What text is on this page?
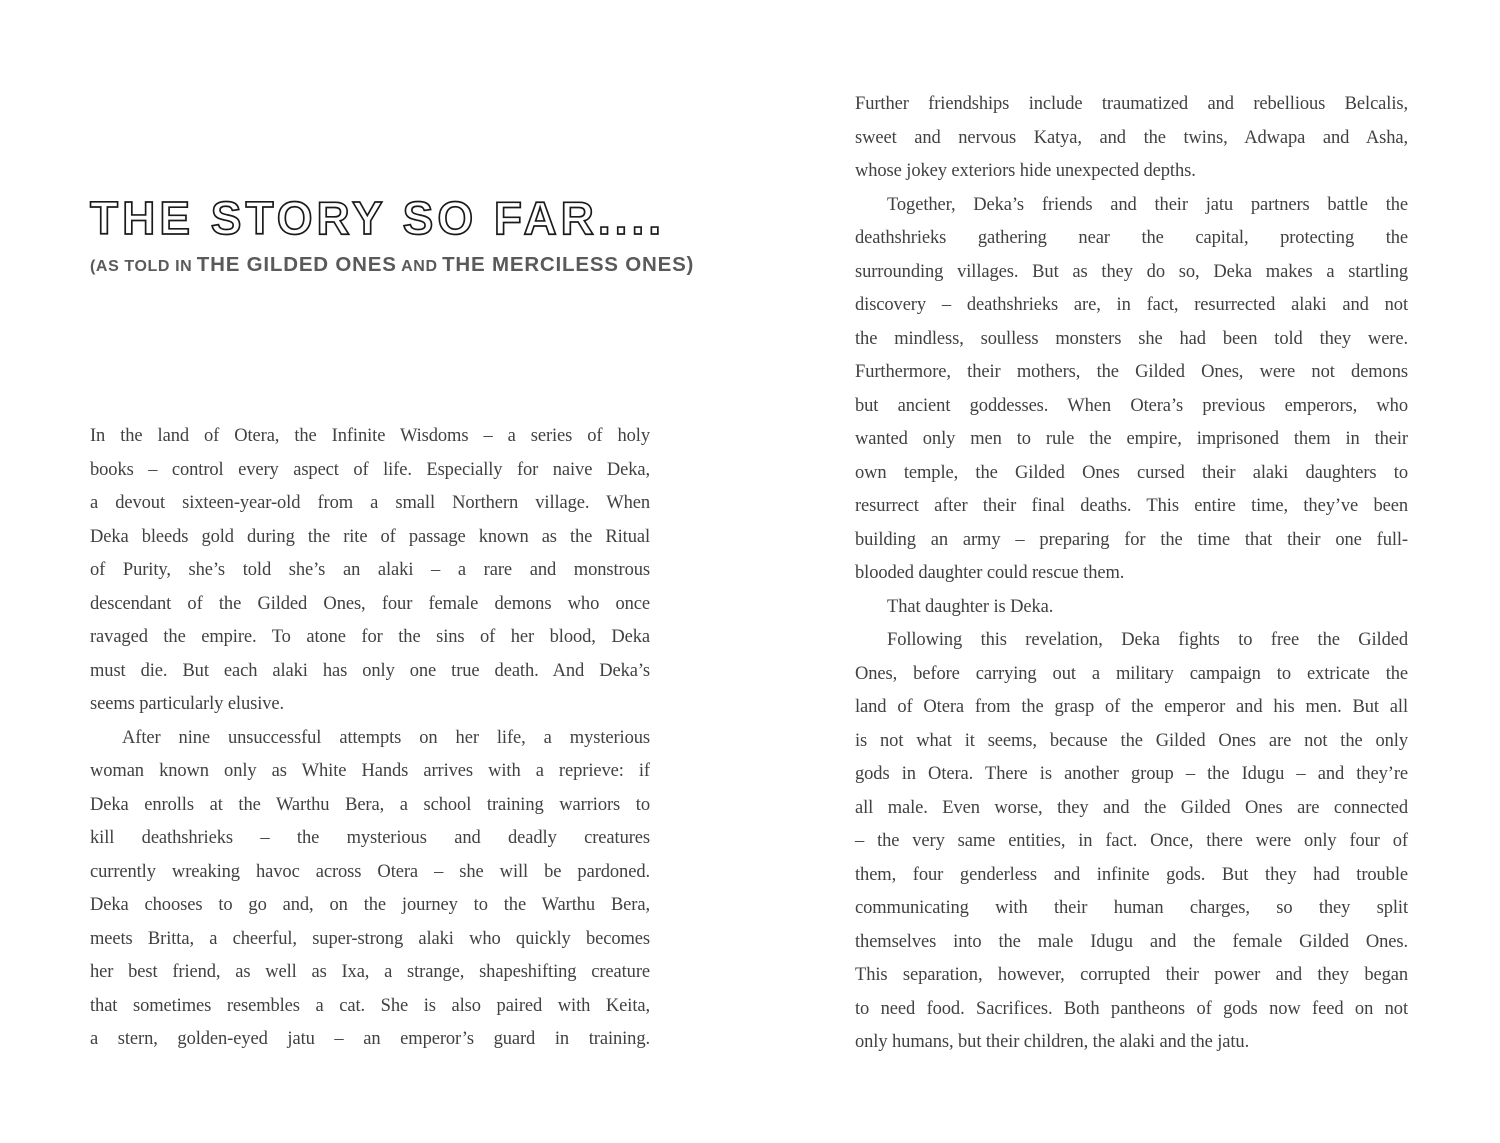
THE STORY SO FAR....

(AS TOLD IN THE GILDED ONES AND THE MERCILESS ONES)

In the land of Otera, the Infinite Wisdoms – a series of holy
books – control every aspect of life. Especially for naive Deka,
a devout sixteen-year-old from a small Northern village. When
Deka bleeds gold during the rite of passage known as the Ritual
of Purity, she’s told she’s an alaki – a rare and monstrous
descendant of the Gilded Ones, four female demons who once
ravaged the empire. To atone for the sins of her blood, Deka
must die. But each alaki has only one true death. And Deka’s
seems particularly elusive.
After nine unsuccessful attempts on her life, a mysterious
woman known only as White Hands arrives with a reprieve: if
Deka enrolls at the Warthu Bera, a school training warriors to
kill deathshrieks – the mysterious and deadly creatures
currently wreaking havoc across Otera – she will be pardoned.
Deka chooses to go and, on the journey to the Warthu Bera,
meets Britta, a cheerful, super-strong alaki who quickly becomes
her best friend, as well as Ixa, a strange, shapeshifting creature
that sometimes resembles a cat. She is also paired with Keita,
a stern, golden-eyed jatu – an emperor’s guard in training.
Further friendships include traumatized and rebellious Belcalis,
sweet and nervous Katya, and the twins, Adwapa and Asha,
whose jokey exteriors hide unexpected depths.
Together, Deka’s friends and their jatu partners battle the
deathshrieks gathering near the capital, protecting the
surrounding villages. But as they do so, Deka makes a startling
discovery – deathshrieks are, in fact, resurrected alaki and not
the mindless, soulless monsters she had been told they were.
Furthermore, their mothers, the Gilded Ones, were not demons
but ancient goddesses. When Otera’s previous emperors, who
wanted only men to rule the empire, imprisoned them in their
own temple, the Gilded Ones cursed their alaki daughters to
resurrect after their final deaths. This entire time, they’ve been
building an army – preparing for the time that their one full-
blooded daughter could rescue them.
That daughter is Deka.
Following this revelation, Deka fights to free the Gilded
Ones, before carrying out a military campaign to extricate the
land of Otera from the grasp of the emperor and his men. But all
is not what it seems, because the Gilded Ones are not the only
gods in Otera. There is another group – the Idugu – and they’re
all male. Even worse, they and the Gilded Ones are connected
– the very same entities, in fact. Once, there were only four of
them, four genderless and infinite gods. But they had trouble
communicating with their human charges, so they split
themselves into the male Idugu and the female Gilded Ones.
This separation, however, corrupted their power and they began
to need food. Sacrifices. Both pantheons of gods now feed on not
only humans, but their children, the alaki and the jatu.
